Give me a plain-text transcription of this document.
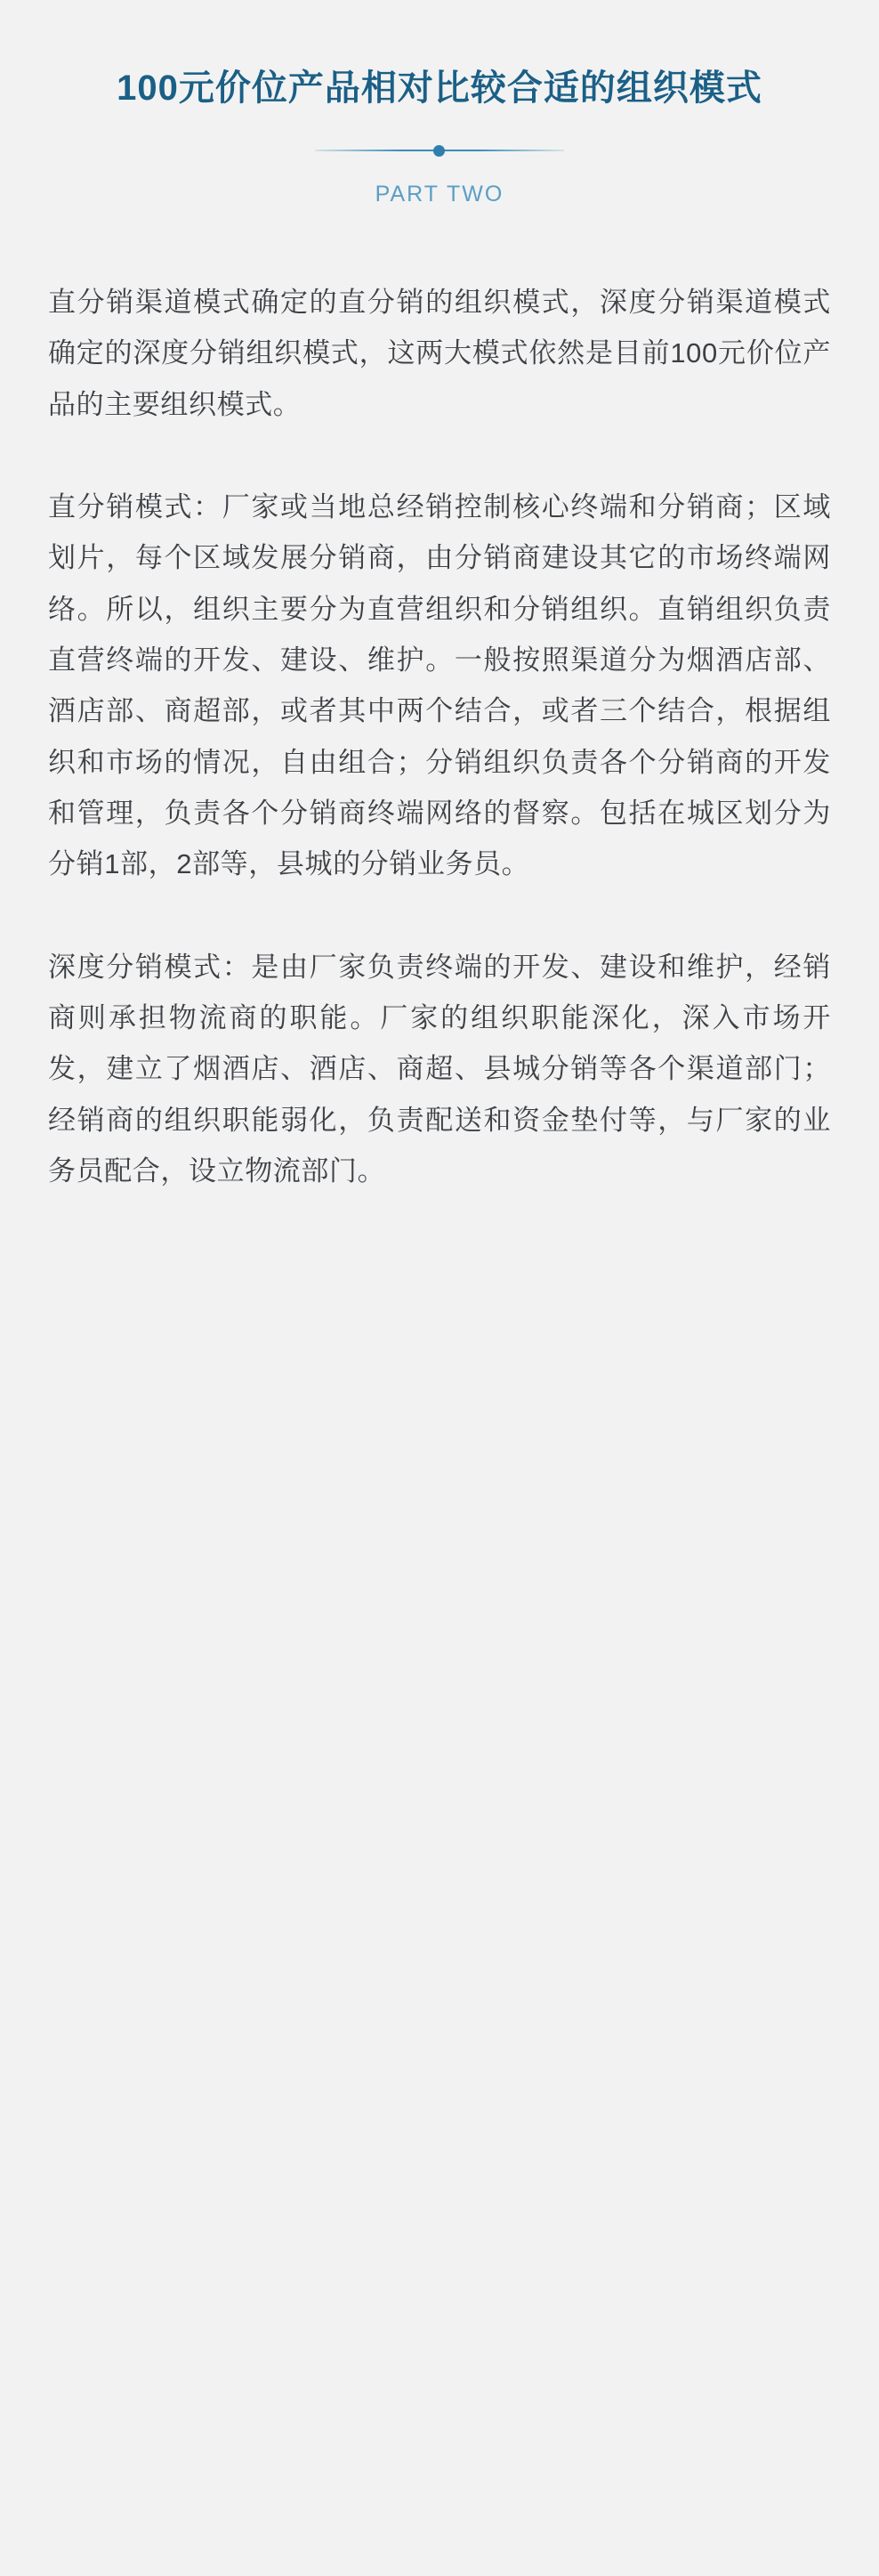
100元价位产品相对比较合适的组织模式
PART TWO

直分销渠道模式确定的直分销的组织模式，深度分销渠道模式确定的深度分销组织模式，这两大模式依然是目前100元价位产品的主要组织模式。

直分销模式：厂家或当地总经销控制核心终端和分销商；区域划片，每个区域发展分销商，由分销商建设其它的市场终端网络。所以，组织主要分为直营组织和分销组织。直销组织负责直营终端的开发、建设、维护。一般按照渠道分为烟酒店部、酒店部、商超部，或者其中两个结合，或者三个结合，根据组织和市场的情况，自由组合；分销组织负责各个分销商的开发和管理，负责各个分销商终端网络的督察。包括在城区划分为分销1部，2部等，县城的分销业务员。

深度分销模式：是由厂家负责终端的开发、建设和维护，经销商则承担物流商的职能。厂家的组织职能深化，深入市场开发，建立了烟酒店、酒店、商超、县城分销等各个渠道部门；经销商的组织职能弱化，负责配送和资金垫付等，与厂家的业务员配合，设立物流部门。
